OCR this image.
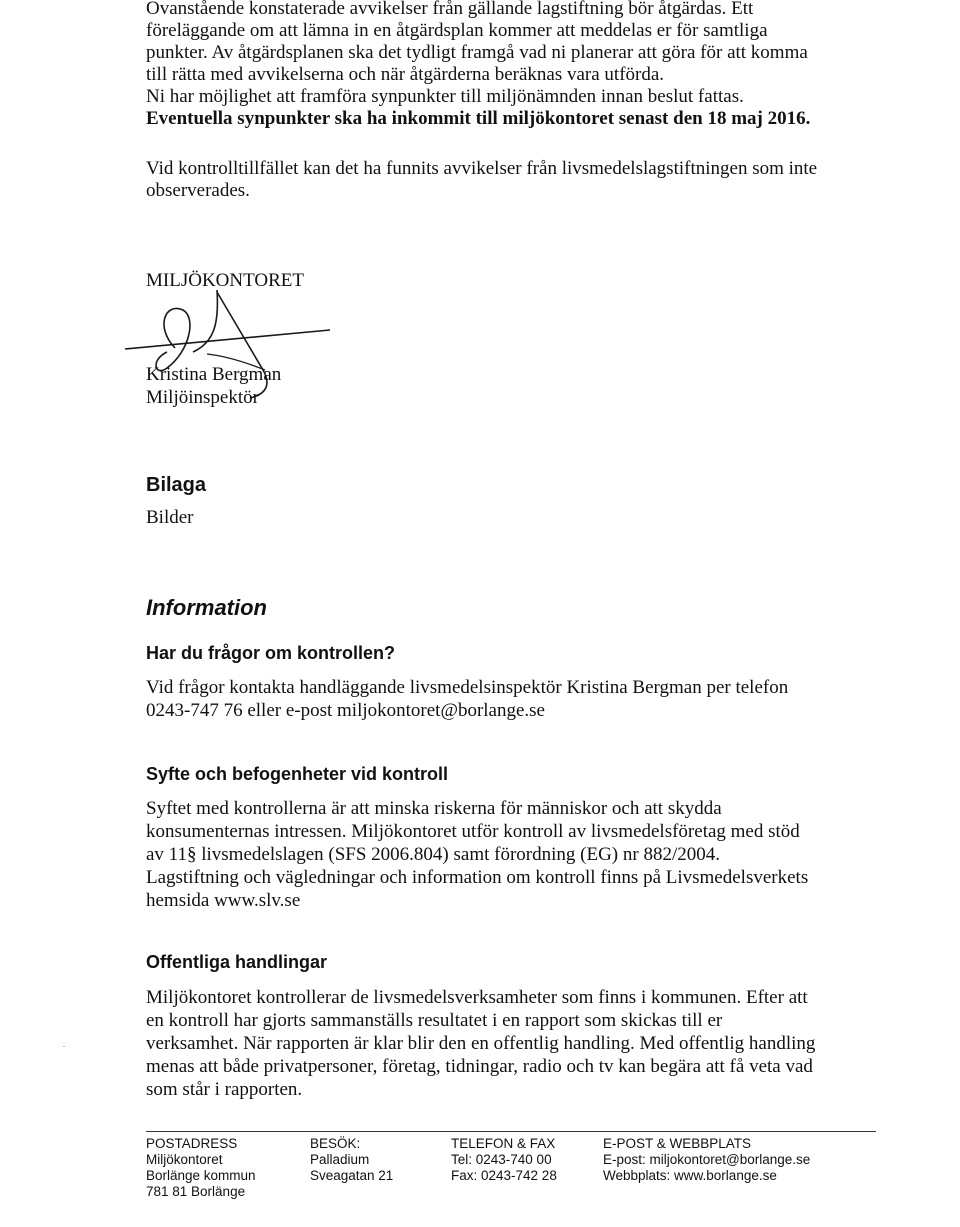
Ovanstående konstaterade avvikelser från gällande lagstiftning bör åtgärdas. Ett
föreläggande om att lämna in en åtgärdsplan kommer att meddelas er för samtliga
punkter. Av åtgärdsplanen ska det tydligt framgå vad ni planerar att göra för att komma
till rätta med avvikelserna och när åtgärderna beräknas vara utförda.
Ni har möjlighet att framföra synpunkter till miljönämnden innan beslut fattas.
Eventuella synpunkter ska ha inkommit till miljökontoret senast den 18 maj 2016.
Vid kontrolltillfället kan det ha funnits avvikelser från livsmedelslagstiftningen som inte
observerades.
MILJÖKONTORET
Kristina Bergman
Miljöinspektör
Bilaga
Bilder
Information
Har du frågor om kontrollen?
Vid frågor kontakta handläggande livsmedelsinspektör Kristina Bergman per telefon
0243-747 76 eller e-post miljokontoret@borlange.se
Syfte och befogenheter vid kontroll
Syftet med kontrollerna är att minska riskerna för människor och att skydda
konsumenternas intressen. Miljökontoret utför kontroll av livsmedelsföretag med stöd
av 11§ livsmedelslagen (SFS 2006.804) samt förordning (EG) nr 882/2004.
Lagstiftning och vägledningar och information om kontroll finns på Livsmedelsverkets
hemsida www.slv.se
Offentliga handlingar
Miljökontoret kontrollerar de livsmedelsverksamheter som finns i kommunen. Efter att
en kontroll har gjorts sammanställs resultatet i en rapport som skickas till er
verksamhet. När rapporten är klar blir den en offentlig handling. Med offentlig handling
menas att både privatpersoner, företag, tidningar, radio och tv kan begära att få veta vad
som står i rapporten.
POSTADRESS
Miljökontoret
Borlänge kommun
781 81 Borlänge
BESÖK:
Palladium
Sveagatan 21
TELEFON & FAX
Tel: 0243-740 00
Fax: 0243-742 28
E-POST & WEBBPLATS
E-post: miljokontoret@borlange.se
Webbplats: www.borlange.se
